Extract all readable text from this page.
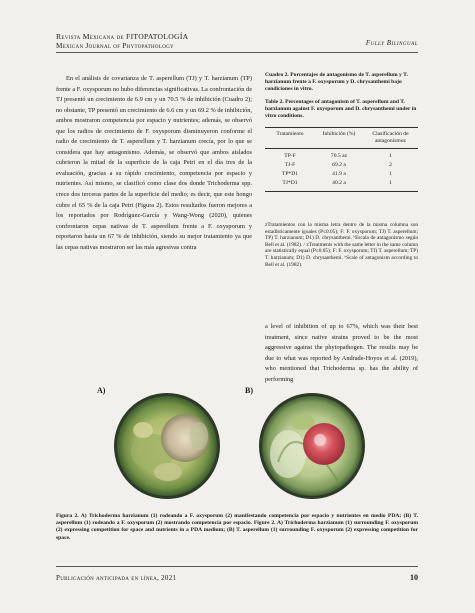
Revista Mexicana de FITOPATOLOGÍA
Mexican Journal of Phytopathology	Fully Bilingual

En el análisis de covarianza de T. asperellum (TJ) y T. harzianum (TP) frente a F. oxysporum no hubo diferencias significativas. La confrontación de TJ presentó un crecimiento de 6.9 cm y un 70.5 % de inhibición (Cuadro 2); no obstante, TP presentó un crecimiento de 6.6 cm y un 69.2 % de inhibición, ambos mostraron competencia por espacio y nutrientes; además, se observó que los radios de crecimiento de F. oxysporum disminuyeron conforme el radio de crecimiento de T. asperellum y T. harzianum crecía, por lo que se considera que hay antagonismo. Además, se observó que ambos aislados cubrieron la mitad de la superficie de la caja Petri en el día tres de la evaluación, gracias a su rápido crecimiento, competencia por espacio y nutrientes. Así mismo, se clasificó como clase dos donde Trichoderma spp. crece dos terceras partes de la superficie del medio; es decir, que este hongo cubre el 65 % de la caja Petri (Figura 2). Estos resultados fueron mejores a los reportados por Rodríguez-García y Wang-Wong (2020), quienes confrontaron cepas nativas de T. asperellum frente a F. oxysporum y reportaron hasta un 67 % de inhibición, siendo su mejor tratamiento ya que las cepas nativas mostraron ser las más agresivas contra

Cuadro 2. Porcentajes de antagonismo de T. asperellum y T. harzianum frente a F. oxysporum y D. chrysanthemi bajo condiciones in vitro.
Table 2. Percentages of antagonism of T. asperellum and T. harzianum against F. oxysporum and D. chrysanthemi under in vitro conditions.
Tratamiento	Inhibición (%)	Clasificación de antagonismoᴢ
TP-F	70.5 aᴢ	1
TJ-F	69.2 a	2
TP*D1	41.9 a	1
TJ*D1	40.2 a	1
ᴢTratamientos con la misma letra dentro de la misma columna son estadísticamente iguales (P≤0.05); F: F. oxysporum; TJ) T. asperellum; TP) T. harzianum; D1) D. chrysanthemi. ᵇEscala de antagonismo según Bell et al. (1982). / ᴢTreatments with the same letter in the same column are statistically equal (P≤0.05); F: F. oxysporum; TJ) T. asperellum; TP) T. harzianum; D1) D. chrysanthemi. ᵇScale of antagonism according to Bell et al. (1982).

a level of inhibition of up to 67%, which was their best treatment, since native strains proved to be the most aggressive against the phytopathogen. The results may be due to what was reported by Andrade-Hoyos et al. (2019), who mentioned that Trichoderma sp. has the ability of performing

A)	B)
Figura 2. A) Trichoderma harzianum (1) rodeando a F. oxysporum (2) manifestando competencia por espacio y nutrientes en medio PDA; (B) T. asperellum (1) rodeando a F. oxysporum (2) mostrando competencia por espacio. Figure 2. A) Trichoderma harzianum (1) surrounding F. oxysporum (2) expressing competition for space and nutrients in a PDA medium; (B) T. asperellum (1) surrounding F. oxysporum (2) expressing competition for space.
Publicación anticipada en línea, 2021	10
